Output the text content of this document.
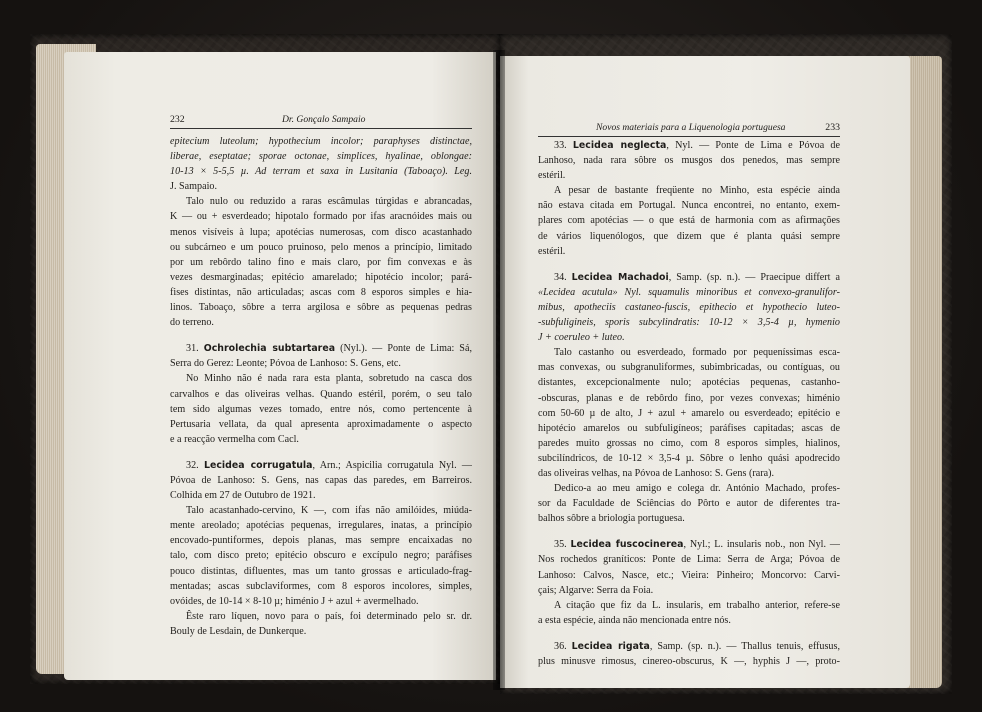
232	Dr. Gonçalo Sampaio
epitecium luteolum; hypothecium incolor; paraphyses distinctae,
liberae, eseptatae; sporae octonae, simplices, hyalinae, oblongae:
10-13 × 5-5,5 µ. Ad terram et saxa in Lusitania (Taboaço). Leg.
J. Sampaio.
Talo nulo ou reduzido a raras escâmulas túrgidas e abrancadas,
K — ou + esverdeado; hipotalo formado por ifas aracnóides mais ou
menos visíveis à lupa; apotécias numerosas, com disco acastanhado
ou subcárneo e um pouco pruinoso, pelo menos a princípio, limitado
por um rebôrdo talino fino e mais claro, por fim convexas e às
vezes desmarginadas; epitécio amarelado; hipotécio incolor; pará-
fises distintas, não articuladas; ascas com 8 esporos simples e hia-
linos. Taboaço, sôbre a terra argilosa e sôbre as pequenas pedras
do terreno.
31. Ochrolechia subtartarea (Nyl.). — Ponte de Lima: Sá,
Serra do Gerez: Leonte; Póvoa de Lanhoso: S. Gens, etc.
No Minho não é nada rara esta planta, sobretudo na casca dos
carvalhos e das oliveiras velhas. Quando estéril, porém, o seu talo
tem sido algumas vezes tomado, entre nós, como pertencente à
Pertusaria vellata, da qual apresenta aproximadamente o aspecto
e a reacção vermelha com Cacl.
32. Lecidea corrugatula, Arn.; Aspicilia corrugatula Nyl. —
Póvoa de Lanhoso: S. Gens, nas capas das paredes, em Barreiros.
Colhida em 27 de Outubro de 1921.
Talo acastanhado-cervino, K —, com ifas não amilóides, miúda-
mente areolado; apotécias pequenas, irregulares, inatas, a princípio
encovado-puntiformes, depois planas, mas sempre encaixadas no
talo, com disco preto; epitécio obscuro e excípulo negro; paráfises
pouco distintas, difluentes, mas um tanto grossas e articulado-frag-
mentadas; ascas subclaviformes, com 8 esporos incolores, simples,
ovóides, de 10-14 × 8-10 µ; himénio J + azul + avermelhado.
Êste raro líquen, novo para o país, foi determinado pelo sr. dr.
Bouly de Lesdain, de Dunkerque.
Novos materiais para a Liquenologia portuguesa	233
33. Lecidea neglecta, Nyl. — Ponte de Lima e Póvoa de
Lanhoso, nada rara sôbre os musgos dos penedos, mas sempre
estéril.
A pesar de bastante freqüente no Minho, esta espécie ainda
não estava citada em Portugal. Nunca encontrei, no entanto, exem-
plares com apotécias — o que está de harmonia com as afirmações
de vários liquenólogos, que dizem que é planta quási sempre
estéril.
34. Lecidea Machadoi, Samp. (sp. n.). — Praecipue differt a
«Lecidea acutula» Nyl. squamulis minoribus et convexo-granulifor-
mibus, apotheciis castaneo-fuscis, epithecio et hypothecio luteo-
-subfuligineis, sporis subcylindratis: 10-12 × 3,5-4 µ, hymenio
J + coeruleo + luteo.
Talo castanho ou esverdeado, formado por pequeníssimas esca-
mas convexas, ou subgranuliformes, subimbricadas, ou contíguas, ou
distantes, excepcionalmente nulo; apotécias pequenas, castanho-
-obscuras, planas e de rebôrdo fino, por vezes convexas; himénio
com 50-60 µ de alto, J + azul + amarelo ou esverdeado; epitécio e
hipotécio amarelos ou subfuligíneos; paráfises capitadas; ascas de
paredes muito grossas no cimo, com 8 esporos simples, hialinos,
subcilíndricos, de 10-12 × 3,5-4 µ. Sôbre o lenho quási apodrecido
das oliveiras velhas, na Póvoa de Lanhoso: S. Gens (rara).
Dedico-a ao meu amigo e colega dr. António Machado, profes-
sor da Faculdade de Sciências do Pôrto e autor de diferentes tra-
balhos sôbre a briologia portuguesa.
35. Lecidea fuscocinerea, Nyl.; L. insularis nob., non Nyl. —
Nos rochedos graníticos: Ponte de Lima: Serra de Arga; Póvoa de
Lanhoso: Calvos, Nasce, etc.; Vieira: Pinheiro; Moncorvo: Carvi-
çais; Algarve: Serra da Foia.
A citação que fiz da L. insularis, em trabalho anterior, refere-se
a esta espécie, ainda não mencionada entre nós.
36. Lecidea rigata, Samp. (sp. n.). — Thallus tenuis, effusus,
plus minusve rimosus, cinereo-obscurus, K —, hyphis J —, proto-
